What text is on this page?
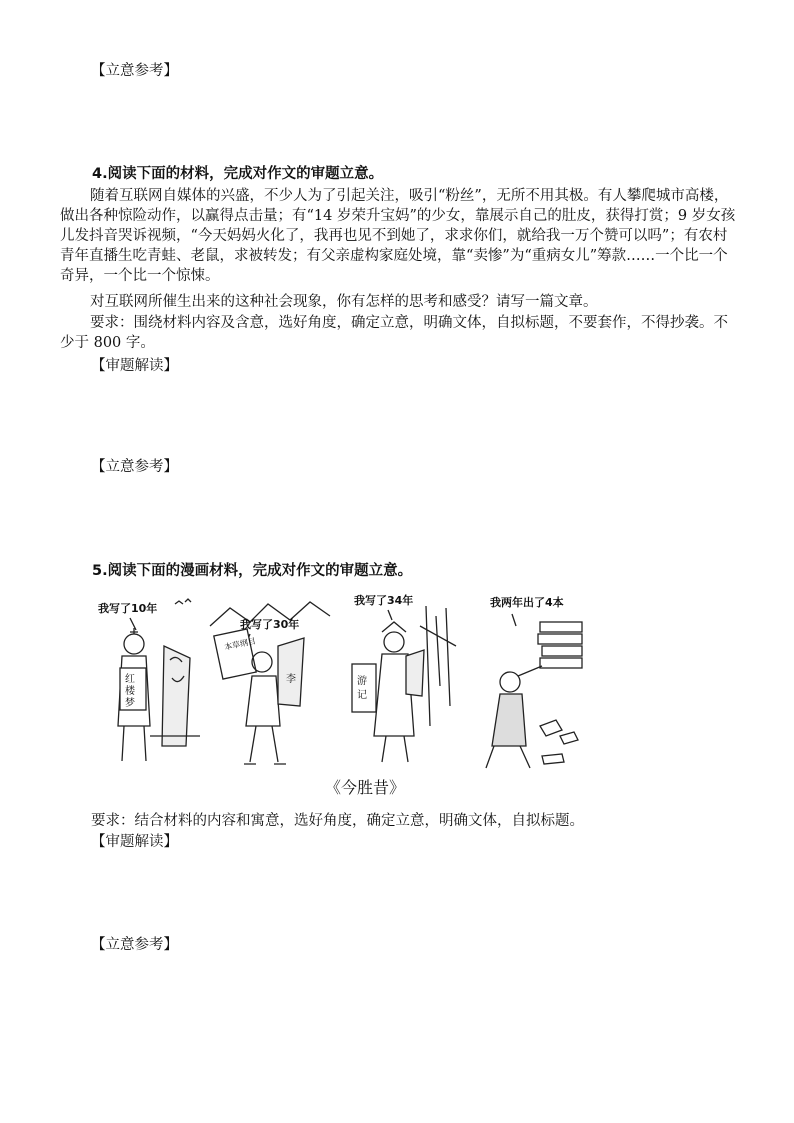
【立意参考】
4.阅读下面的材料，完成对作文的审题立意。
随着互联网自媒体的兴盛，不少人为了引起关注，吸引“粉丝”，无所不用其极。有人攀爬城市高楼，做出各种惊险动作，以赢得点击量；有“14 岁荣升宝妈”的少女，靠展示自己的肚皮，获得打赏；9 岁女孩儿发抖音哭诉视频，“今天妈妈火化了，我再也见不到她了，求求你们，就给我一万个赞可以吗”；有农村青年直播生吃青蛙、老鼠，求被转发；有父亲虚构家庭处境，靠“卖惨”为“重病女儿”筹款……一个比一个奇异，一个比一个惊悚。
对互联网所催生出来的这种社会现象，你有怎样的思考和感受？请写一篇文章。
要求：围绕材料内容及含意，选好角度，确定立意，明确文体，自拟标题，不要套作，不得抄袭。不少于 800 字。
【审题解读】
【立意参考】
5.阅读下面的漫画材料，完成对作文的审题立意。
我写了10年
红
楼
梦
我写了30年
本草纲目
李
我写了34年
游
记
我两年出了4本
《今胜昔》
要求：结合材料的内容和寓意，选好角度，确定立意，明确文体，自拟标题。
【审题解读】
【立意参考】
